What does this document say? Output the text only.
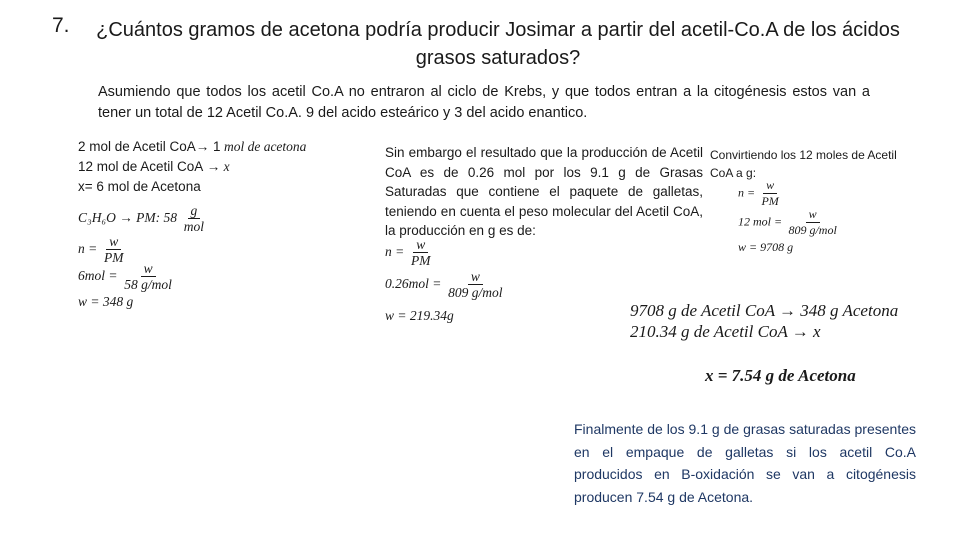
7.	¿Cuántos gramos de acetona podría producir Josimar a partir del acetil-Co.A de los ácidos grasos saturados?
Asumiendo que todos los acetil Co.A no entraron al ciclo de Krebs, y que todos entran a la citogénesis estos van a tener un total de 12 Acetil Co.A. 9 del acido esteárico y 3 del acido enantico.
2 mol de Acetil CoA→ 1 mol de acetona
12 mol de Acetil CoA → x
x= 6 mol de Acetona
C₃H₆O → PM: $58 \frac{g}{\text{mol}}$
$n = \frac{w}{PM}$
$6mol = \frac{w}{\text{58 g/mol}}$
w = 348 g
Sin embargo el resultado que la producción de Acetil CoA es de 0.26 mol por los 9.1 g de Grasas Saturadas que contiene el paquete de galletas, teniendo en cuenta el peso molecular del Acetil CoA, la producción en g es de:
$n = \frac{w}{PM}$
$0.26mol = \frac{w}{\text{809 g/mol}}$
w = 219.34g
Convirtiendo los 12 moles de Acetil CoA a g:
$n = \frac{w}{PM}$
12 mol = $\frac{w}{\text{809 g/mol}}$
w = 9708 g
9708 g de Acetil CoA → 348 g Acetona
210.34 g de Acetil CoA → x
x = 7.54 g de Acetona
Finalmente de los 9.1 g de grasas saturadas presentes en el empaque de galletas si los acetil Co.A producidos en B-oxidación se van a citogénesis producen 7.54 g de Acetona.
